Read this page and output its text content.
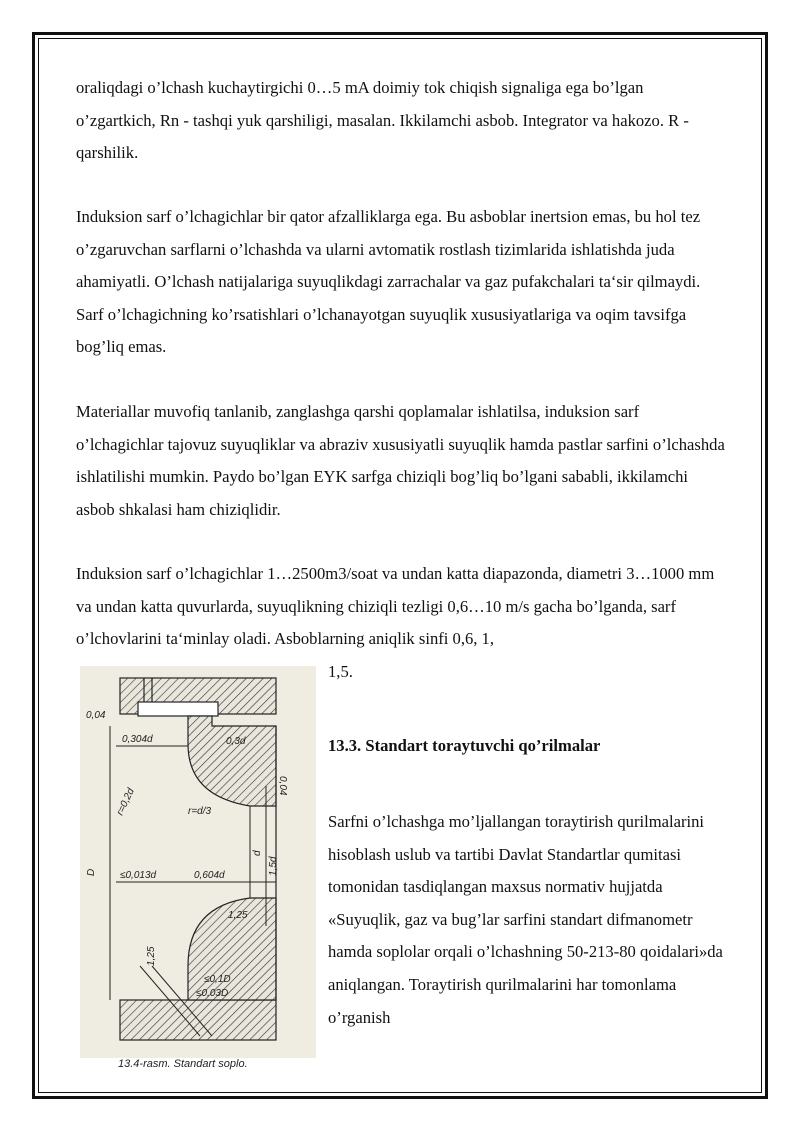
oraliqdagi o’lchash kuchaytirgichi 0…5 mA doimiy tok chiqish signaliga ega bo’lgan o’zgartkich, Rn - tashqi yuk qarshiligi, masalan. Ikkilamchi asbob. Integrator va hakozo. R - qarshilik.

Induksion sarf o’lchagichlar bir qator afzalliklarga ega. Bu asboblar inertsion emas, bu hol tez o’zgaruvchan sarflarni o’lchashda va ularni avtomatik rostlash tizimlarida ishlatishda juda ahamiyatli. O’lchash natijalariga suyuqlikdagi zarrachalar va gaz pufakchalari ta‘sir qilmaydi. Sarf o’lchagichning ko’rsatishlari o’lchanayotgan suyuqlik xususiyatlariga va oqim tavsifga bog’liq emas.

Materiallar muvofiq tanlanib, zanglashga qarshi qoplamalar ishlatilsa, induksion sarf o’lchagichlar tajovuz suyuqliklar va abraziv xususiyatli suyuqlik hamda pastlar sarfini o’lchashda ishlatilishi mumkin. Paydo bo’lgan EYK sarfga chiziqli bog’liq bo’lgani sababli, ikkilamchi asbob shkalasi ham chiziqlidir.

Induksion sarf o’lchagichlar 1…2500m3/soat va undan katta diapazonda, diametri 3…1000 mm va undan katta quvurlarda, suyuqlikning chiziqli tezligi 0,6…10 m/s gacha bo’lganda, sarf o’lchovlarini ta‘minlay oladi. Asboblarning aniqlik sinfi 0,6, 1,

1,5.

13.3. Standart toraytuvchi qo’rilmalar

Sarfni o’lchashga mo’ljallangan toraytirish qurilmalarini hisoblash uslub va tartibi Davlat Standartlar qumitasi tomonidan tasdiqlangan maxsus normativ hujjatda «Suyuqlik, gaz va bug’lar sarfini standart difmanometr hamda soplolar orqali o’lchashning 50-213-80 qoidalari»da aniqlangan. Toraytirish qurilmalarini har tomonlama o’rganish

0,04
0,304d	0,3d
0,04
r=0,2d	r=d/3
D
d
1,5d
≤0,013d	0,604d
1,25
1,25
≤0,1D
≤0,03D
13.4-rasm. Standart soplo.
